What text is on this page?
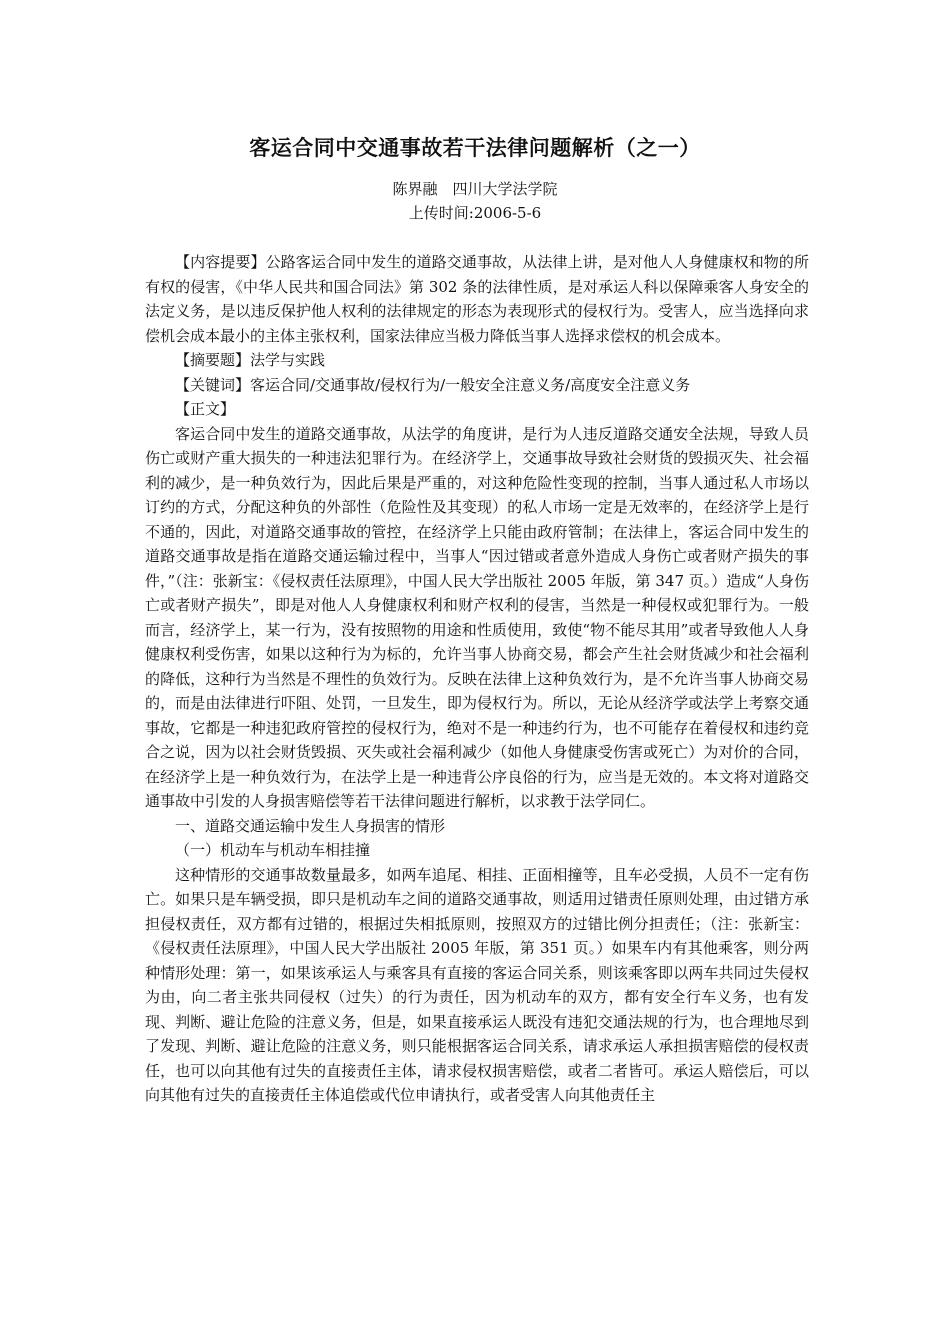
客运合同中交通事故若干法律问题解析（之一）
陈界融　四川大学法学院
上传时间:2006-5-6

【内容提要】公路客运合同中发生的道路交通事故，从法律上讲，是对他人人身健康权和物的所有权的侵害，《中华人民共和国合同法》第 302 条的法律性质，是对承运人科以保障乘客人身安全的法定义务，是以违反保护他人权利的法律规定的形态为表现形式的侵权行为。受害人，应当选择向求偿机会成本最小的主体主张权利，国家法律应当极力降低当事人选择求偿权的机会成本。

【摘要题】法学与实践

【关键词】客运合同/交通事故/侵权行为/一般安全注意义务/高度安全注意义务

【正文】

客运合同中发生的道路交通事故，从法学的角度讲，是行为人违反道路交通安全法规，导致人员伤亡或财产重大损失的一种违法犯罪行为。在经济学上，交通事故导致社会财货的毁损灭失、社会福利的减少，是一种负效行为，因此后果是严重的，对这种危险性变现的控制，当事人通过私人市场以订约的方式，分配这种负的外部性（危险性及其变现）的私人市场一定是无效率的，在经济学上是行不通的，因此，对道路交通事故的管控，在经济学上只能由政府管制；在法律上，客运合同中发生的道路交通事故是指在道路交通运输过程中，当事人“因过错或者意外造成人身伤亡或者财产损失的事件，”（注：张新宝：《侵权责任法原理》，中国人民大学出版社 2005 年版，第 347 页。）造成“人身伤亡或者财产损失”，即是对他人人身健康权利和财产权利的侵害，当然是一种侵权或犯罪行为。一般而言，经济学上，某一行为，没有按照物的用途和性质使用，致使“物不能尽其用”或者导致他人人身健康权利受伤害，如果以这种行为为标的，允许当事人协商交易，都会产生社会财货减少和社会福利的降低，这种行为当然是不理性的负效行为。反映在法律上这种负效行为，是不允许当事人协商交易的，而是由法律进行吓阻、处罚，一旦发生，即为侵权行为。所以，无论从经济学或法学上考察交通事故，它都是一种违犯政府管控的侵权行为，绝对不是一种违约行为，也不可能存在着侵权和违约竞合之说，因为以社会财货毁损、灭失或社会福利减少（如他人身健康受伤害或死亡）为对价的合同，在经济学上是一种负效行为，在法学上是一种违背公序良俗的行为，应当是无效的。本文将对道路交通事故中引发的人身损害赔偿等若干法律问题进行解析，以求教于法学同仁。

一、道路交通运输中发生人身损害的情形

（一）机动车与机动车相挂撞

这种情形的交通事故数量最多，如两车追尾、相挂、正面相撞等，且车必受损，人员不一定有伤亡。如果只是车辆受损，即只是机动车之间的道路交通事故，则适用过错责任原则处理，由过错方承担侵权责任，双方都有过错的，根据过失相抵原则，按照双方的过错比例分担责任；（注：张新宝：《侵权责任法原理》，中国人民大学出版社 2005 年版，第 351 页。）如果车内有其他乘客，则分两种情形处理：第一，如果该承运人与乘客具有直接的客运合同关系，则该乘客即以两车共同过失侵权为由，向二者主张共同侵权（过失）的行为责任，因为机动车的双方，都有安全行车义务，也有发现、判断、避让危险的注意义务，但是，如果直接承运人既没有违犯交通法规的行为，也合理地尽到了发现、判断、避让危险的注意义务，则只能根据客运合同关系，请求承运人承担损害赔偿的侵权责任，也可以向其他有过失的直接责任主体，请求侵权损害赔偿，或者二者皆可。承运人赔偿后，可以向其他有过失的直接责任主体追偿或代位申请执行，或者受害人向其他责任主
